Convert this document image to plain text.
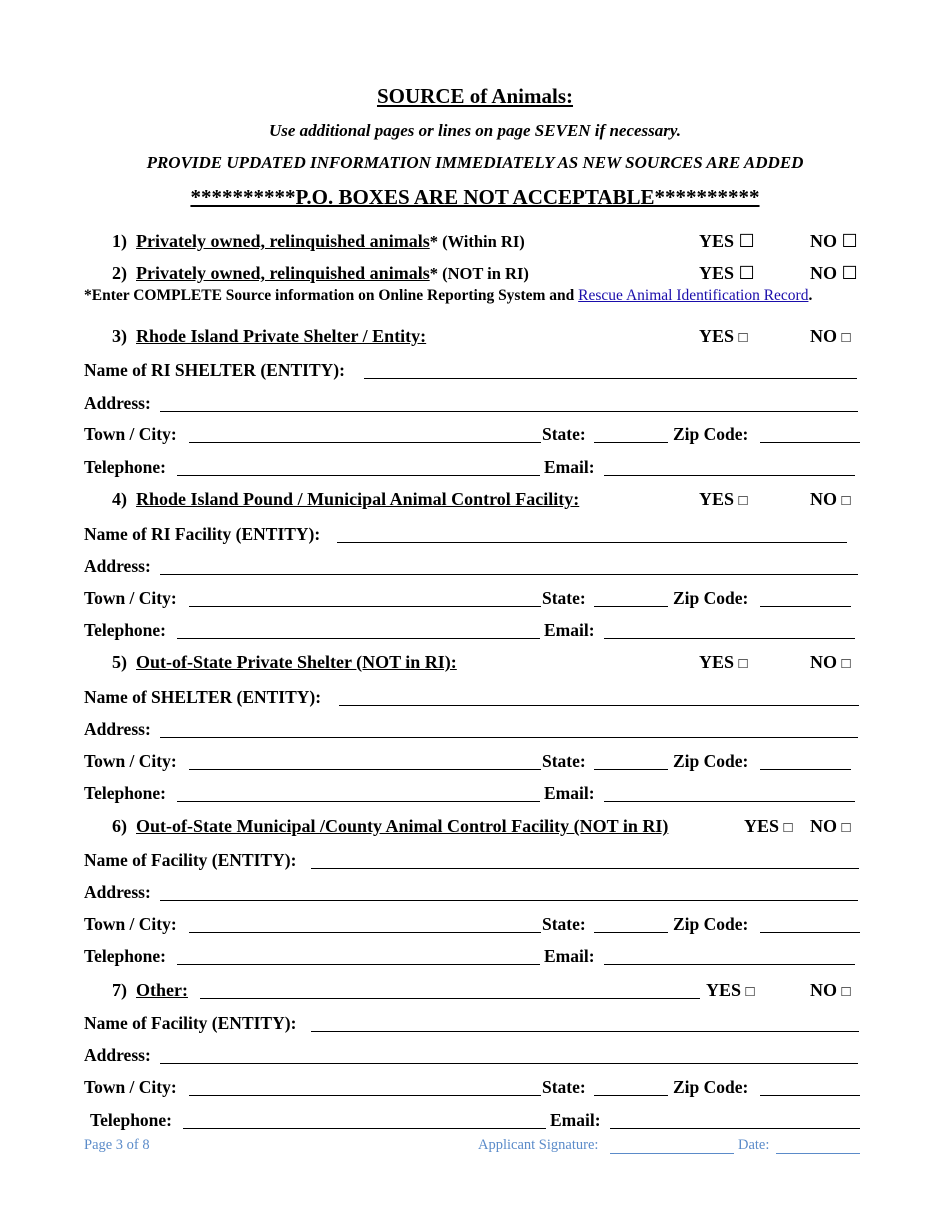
SOURCE of Animals:
Use additional pages or lines on page SEVEN if necessary.
PROVIDE UPDATED INFORMATION IMMEDIATELY AS NEW SOURCES ARE ADDED
**********P.O. BOXES ARE NOT ACCEPTABLE**********
1) Privately owned, relinquished animals* (Within RI)	YES ☐	NO ☐
2) Privately owned, relinquished animals* (NOT in RI)	YES ☐	NO ☐
*Enter COMPLETE Source information on Online Reporting System and Rescue Animal Identification Record.
3) Rhode Island Private Shelter / Entity:	YES □	NO □
Name of RI SHELTER (ENTITY):
Address:
Town / City:	State:	Zip Code:
Telephone:	Email:
4) Rhode Island Pound / Municipal Animal Control Facility:	YES □	NO □
Name of RI Facility (ENTITY):
Address:
Town / City:	State:	Zip Code:
Telephone:	Email:
5) Out-of-State Private Shelter (NOT in RI):	YES □	NO □
Name of SHELTER (ENTITY):
Address:
Town / City:	State:	Zip Code:
Telephone:	Email:
6) Out-of-State Municipal /County Animal Control Facility (NOT in RI)	YES □ NO □
Name of Facility (ENTITY):
Address:
Town / City:	State:	Zip Code:
Telephone:	Email:
7) Other:	YES □	NO □
Name of Facility (ENTITY):
Address:
Town / City:	State:	Zip Code:
Telephone:	Email:
Page 3 of 8	Applicant Signature:	Date:
